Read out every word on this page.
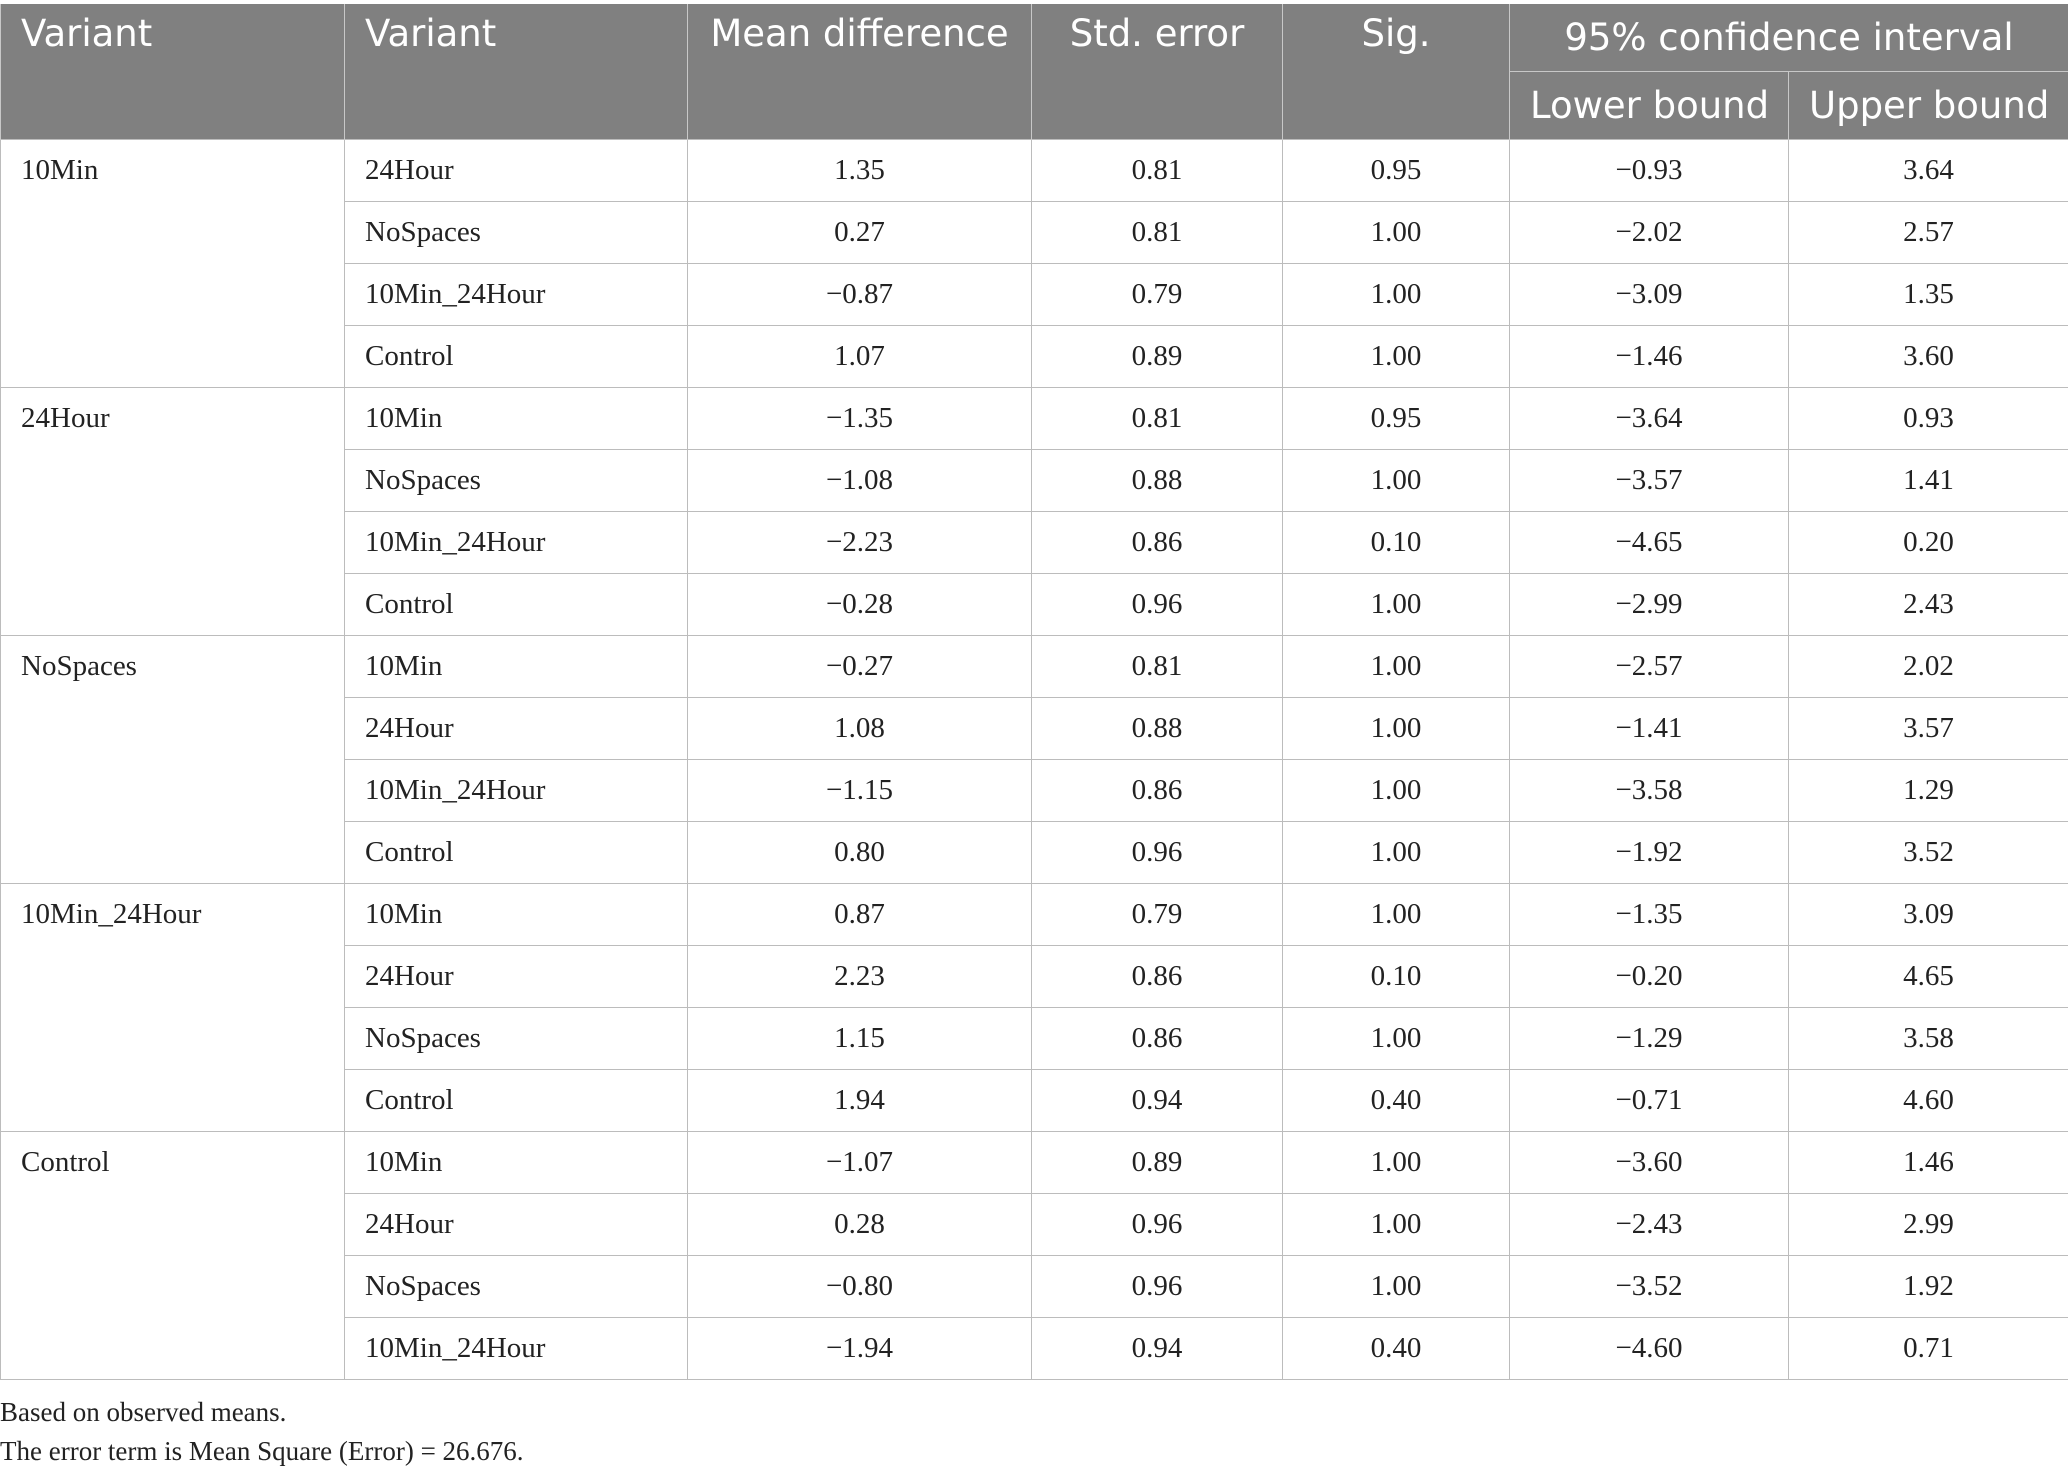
Variant	Variant	Mean difference	Std. error	Sig.	95% confidence interval	
					Lower bound	Upper bound
10Min	24Hour	1.35	0.81	0.95	−0.93	3.64
	NoSpaces	0.27	0.81	1.00	−2.02	2.57
	10Min_24Hour	−0.87	0.79	1.00	−3.09	1.35
	Control	1.07	0.89	1.00	−1.46	3.60
24Hour	10Min	−1.35	0.81	0.95	−3.64	0.93
	NoSpaces	−1.08	0.88	1.00	−3.57	1.41
	10Min_24Hour	−2.23	0.86	0.10	−4.65	0.20
	Control	−0.28	0.96	1.00	−2.99	2.43
NoSpaces	10Min	−0.27	0.81	1.00	−2.57	2.02
	24Hour	1.08	0.88	1.00	−1.41	3.57
	10Min_24Hour	−1.15	0.86	1.00	−3.58	1.29
	Control	0.80	0.96	1.00	−1.92	3.52
10Min_24Hour	10Min	0.87	0.79	1.00	−1.35	3.09
	24Hour	2.23	0.86	0.10	−0.20	4.65
	NoSpaces	1.15	0.86	1.00	−1.29	3.58
	Control	1.94	0.94	0.40	−0.71	4.60
Control	10Min	−1.07	0.89	1.00	−3.60	1.46
	24Hour	0.28	0.96	1.00	−2.43	2.99
	NoSpaces	−0.80	0.96	1.00	−3.52	1.92
	10Min_24Hour	−1.94	0.94	0.40	−4.60	0.71
Based on observed means.
The error term is Mean Square (Error) = 26.676.
